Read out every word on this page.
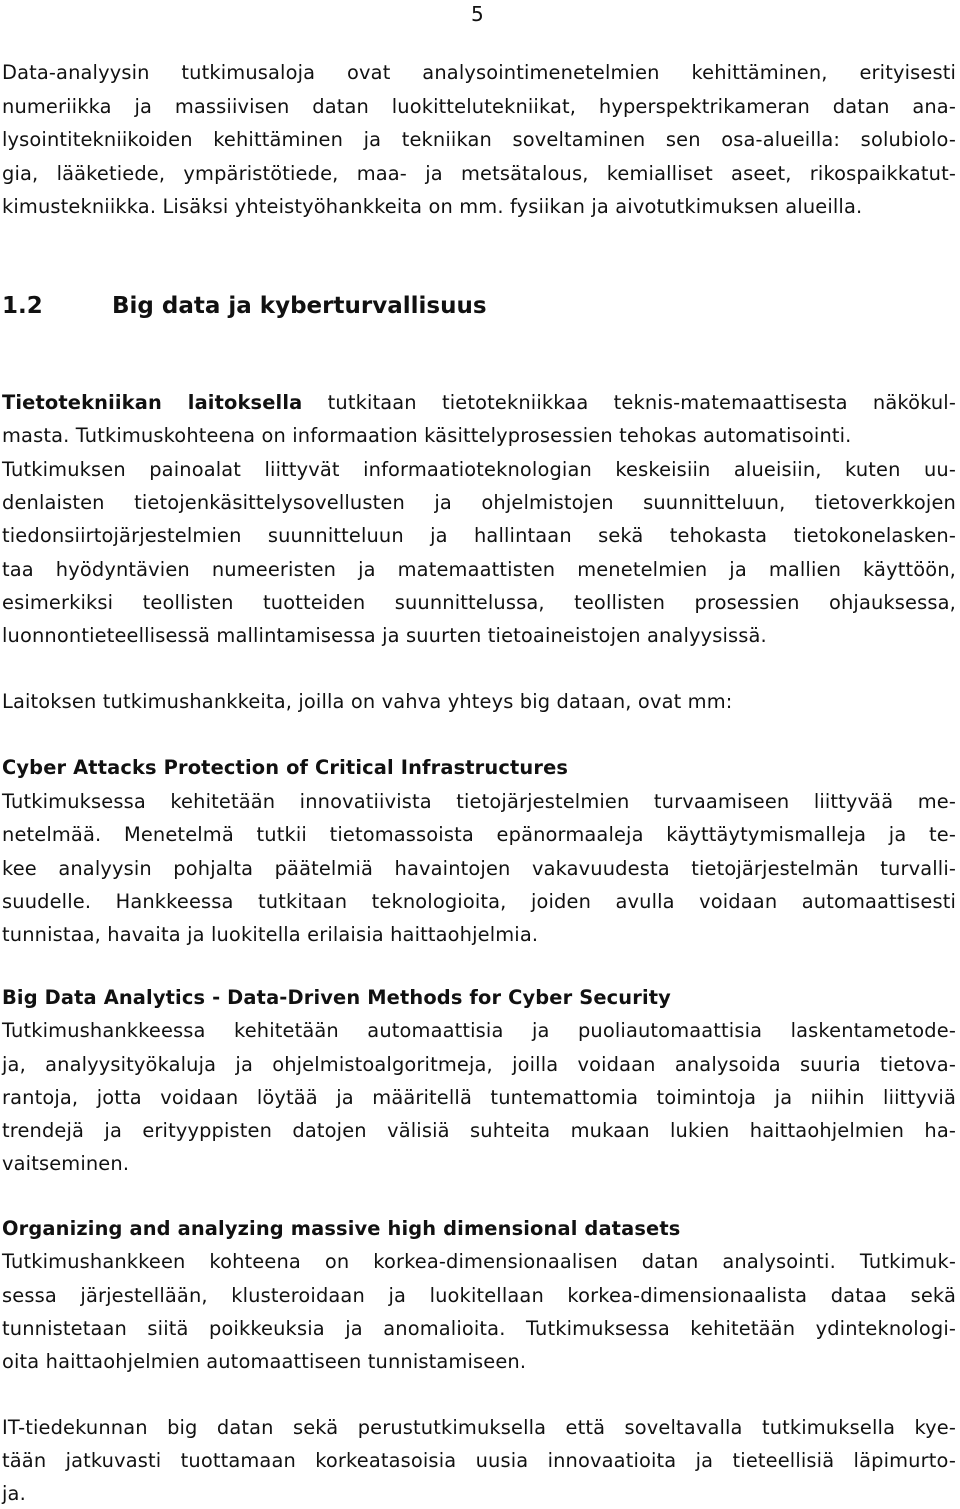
5
Data-analyysin tutkimusaloja ovat analysointimenetelmien kehittäminen, erityisesti
numeriikka ja massiivisen datan luokittelutekniikat, hyperspektrikameran datan ana-
lysointitekniikoiden kehittäminen ja tekniikan soveltaminen sen osa-alueilla: solubiolo-
gia, lääketiede, ympäristötiede, maa- ja metsätalous, kemialliset aseet, rikospaikkatut-
kimustekniikka. Lisäksi yhteistyöhankkeita on mm. fysiikan ja aivotutkimuksen alueilla.
1.2	Big data ja kyberturvallisuus
Tietotekniikan laitoksella tutkitaan tietotekniikkaa teknis-matemaattisesta näkökul-
masta. Tutkimuskohteena on informaation käsittelyprosessien tehokas automatisointi.
Tutkimuksen painoalat liittyvät informaatioteknologian keskeisiin alueisiin, kuten uu-
denlaisten tietojenkäsittelysovellusten ja ohjelmistojen suunnitteluun, tietoverkkojen
tiedonsiirtojärjestelmien suunnitteluun ja hallintaan sekä tehokasta tietokonelasken-
taa hyödyntävien numeeristen ja matemaattisten menetelmien ja mallien käyttöön,
esimerkiksi teollisten tuotteiden suunnittelussa, teollisten prosessien ohjauksessa,
luonnontieteellisessä mallintamisessa ja suurten tietoaineistojen analyysissä.
Laitoksen tutkimushankkeita, joilla on vahva yhteys big dataan, ovat mm:
Cyber Attacks Protection of Critical Infrastructures
Tutkimuksessa kehitetään innovatiivista tietojärjestelmien turvaamiseen liittyvää me-
netelmää. Menetelmä tutkii tietomassoista epänormaaleja käyttäytymismalleja ja te-
kee analyysin pohjalta päätelmiä havaintojen vakavuudesta tietojärjestelmän turvalli-
suudelle. Hankkeessa tutkitaan teknologioita, joiden avulla voidaan automaattisesti
tunnistaa, havaita ja luokitella erilaisia haittaohjelmia.
Big Data Analytics - Data-Driven Methods for Cyber Security
Tutkimushankkeessa kehitetään automaattisia ja puoliautomaattisia laskentametode-
ja, analyysityökaluja ja ohjelmistoalgoritmeja, joilla voidaan analysoida suuria tietova-
rantoja, jotta voidaan löytää ja määritellä tuntemattomia toimintoja ja niihin liittyviä
trendejä ja erityyppisten datojen välisiä suhteita mukaan lukien haittaohjelmien ha-
vaitseminen.
Organizing and analyzing massive high dimensional datasets
Tutkimushankkeen kohteena on korkea-dimensionaalisen datan analysointi. Tutkimuk-
sessa järjestellään, klusteroidaan ja luokitellaan korkea-dimensionaalista dataa sekä
tunnistetaan siitä poikkeuksia ja anomalioita. Tutkimuksessa kehitetään ydinteknologi-
oita haittaohjelmien automaattiseen tunnistamiseen.
IT-tiedekunnan big datan sekä perustutkimuksella että soveltavalla tutkimuksella kye-
tään jatkuvasti tuottamaan korkeatasoisia uusia innovaatioita ja tieteellisiä läpimurto-
ja.
